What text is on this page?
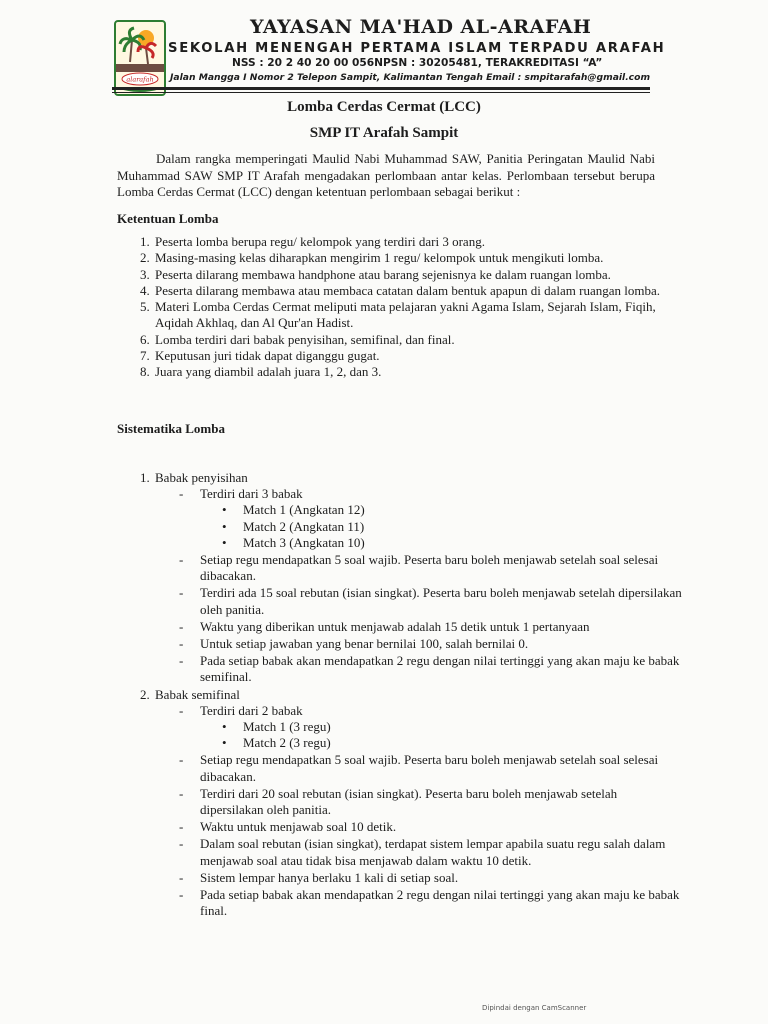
alarafah
YAYASAN MA'HAD AL-ARAFAH
SEKOLAH MENENGAH PERTAMA ISLAM TERPADU ARAFAH
NSS : 20 2 40 20 00 056NPSN : 30205481, TERAKREDITASI “A”
Jalan Mangga I Nomor 2 Telepon Sampit, Kalimantan Tengah Email : smpitarafah@gmail.com
Lomba Cerdas Cermat (LCC)
SMP IT Arafah Sampit
Dalam rangka memperingati Maulid Nabi Muhammad SAW, Panitia Peringatan Maulid Nabi Muhammad SAW SMP IT Arafah mengadakan perlombaan antar kelas. Perlombaan tersebut berupa Lomba Cerdas Cermat (LCC) dengan ketentuan perlombaan sebagai berikut :
Ketentuan Lomba
1. Peserta lomba berupa regu/ kelompok yang terdiri dari 3 orang.
2. Masing-masing kelas diharapkan mengirim 1 regu/ kelompok untuk mengikuti lomba.
3. Peserta dilarang membawa handphone atau barang sejenisnya ke dalam ruangan lomba.
4. Peserta dilarang membawa atau membaca catatan dalam bentuk apapun di dalam ruangan lomba.
5. Materi Lomba Cerdas Cermat meliputi mata pelajaran yakni Agama Islam, Sejarah Islam, Fiqih, Aqidah Akhlaq, dan Al Qur'an Hadist.
6. Lomba terdiri dari babak penyisihan, semifinal, dan final.
7. Keputusan juri tidak dapat diganggu gugat.
8. Juara yang diambil adalah juara 1, 2, dan 3.
Sistematika Lomba
1. Babak penyisihan
- Terdiri dari 3 babak
• Match 1 (Angkatan 12)
• Match 2 (Angkatan 11)
• Match 3 (Angkatan 10)
- Setiap regu mendapatkan 5 soal wajib. Peserta baru boleh menjawab setelah soal selesai dibacakan.
- Terdiri ada 15 soal rebutan (isian singkat). Peserta baru boleh menjawab setelah dipersilakan oleh panitia.
- Waktu yang diberikan untuk menjawab adalah 15 detik untuk 1 pertanyaan
- Untuk setiap jawaban yang benar bernilai 100, salah bernilai 0.
- Pada setiap babak akan mendapatkan 2 regu dengan nilai tertinggi yang akan maju ke babak semifinal.
2. Babak semifinal
- Terdiri dari 2 babak
• Match 1 (3 regu)
• Match 2 (3 regu)
- Setiap regu mendapatkan 5 soal wajib. Peserta baru boleh menjawab setelah soal selesai dibacakan.
- Terdiri dari 20 soal rebutan (isian singkat). Peserta baru boleh menjawab setelah dipersilakan oleh panitia.
- Waktu untuk menjawab soal 10 detik.
- Dalam soal rebutan (isian singkat), terdapat sistem lempar apabila suatu regu salah dalam menjawab soal atau tidak bisa menjawab dalam waktu 10 detik.
- Sistem lempar hanya berlaku 1 kali di setiap soal.
- Pada setiap babak akan mendapatkan 2 regu dengan nilai tertinggi yang akan maju ke babak final.
Dipindai dengan CamScanner
